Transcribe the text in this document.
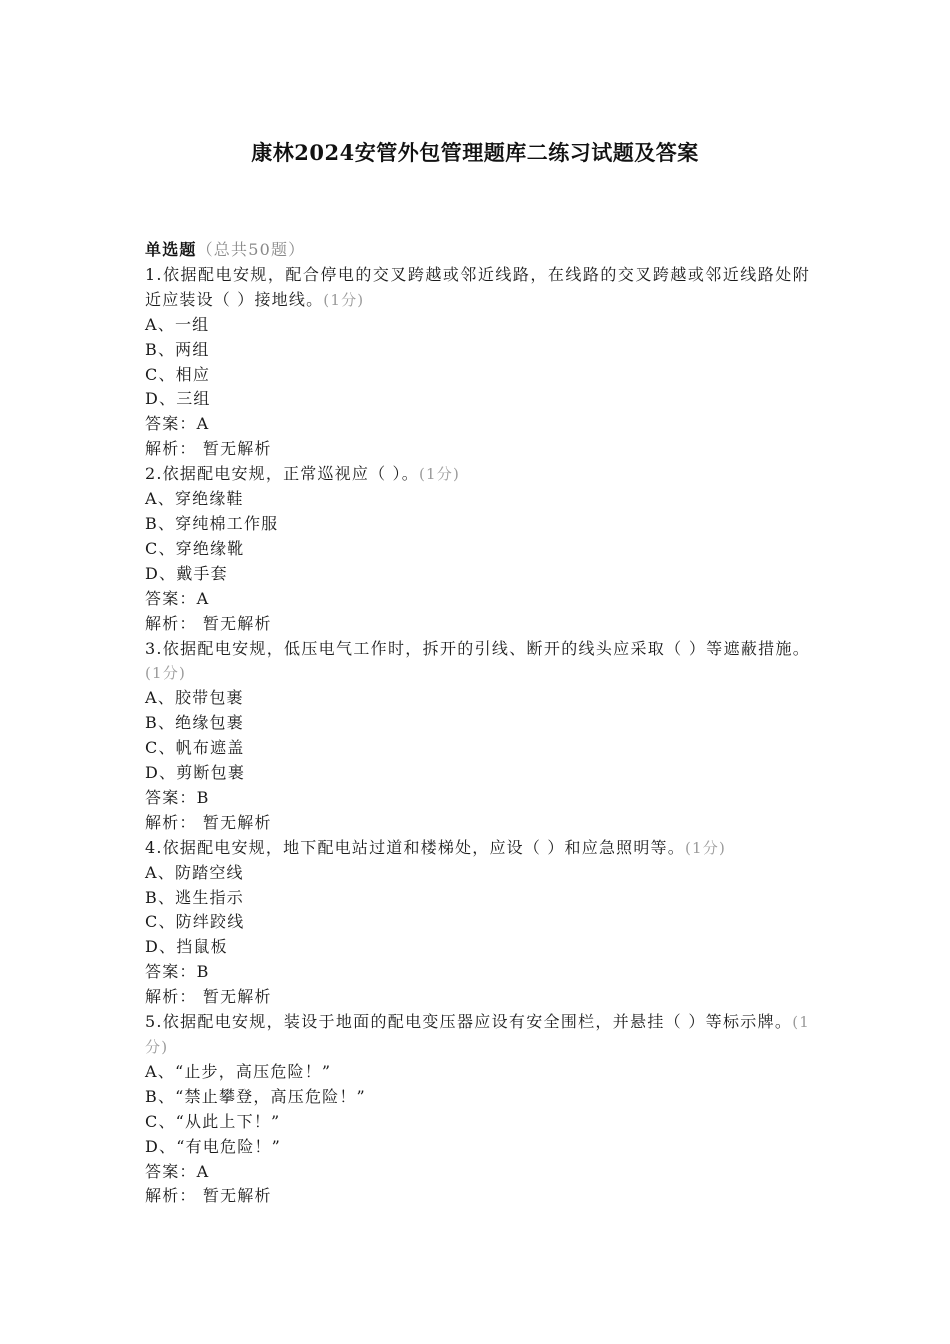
康林2024安管外包管理题库二练习试题及答案
单选题（总共50题）
1.依据配电安规，配合停电的交叉跨越或邻近线路，在线路的交叉跨越或邻近线路处附近应装设（ ）接地线。(1分)
A、一组
B、两组
C、相应
D、三组
答案：A
解析： 暂无解析
2.依据配电安规，正常巡视应（ ）。(1分)
A、穿绝缘鞋
B、穿纯棉工作服
C、穿绝缘靴
D、戴手套
答案：A
解析： 暂无解析
3.依据配电安规，低压电气工作时，拆开的引线、断开的线头应采取（ ）等遮蔽措施。(1分)
A、胶带包裹
B、绝缘包裹
C、帆布遮盖
D、剪断包裹
答案：B
解析： 暂无解析
4.依据配电安规，地下配电站过道和楼梯处，应设（ ）和应急照明等。(1分)
A、防踏空线
B、逃生指示
C、防绊跤线
D、挡鼠板
答案：B
解析： 暂无解析
5.依据配电安规，装设于地面的配电变压器应设有安全围栏，并悬挂（ ）等标示牌。(1分)
A、“止步，高压危险！”
B、“禁止攀登，高压危险！”
C、“从此上下！”
D、“有电危险！”
答案：A
解析： 暂无解析
